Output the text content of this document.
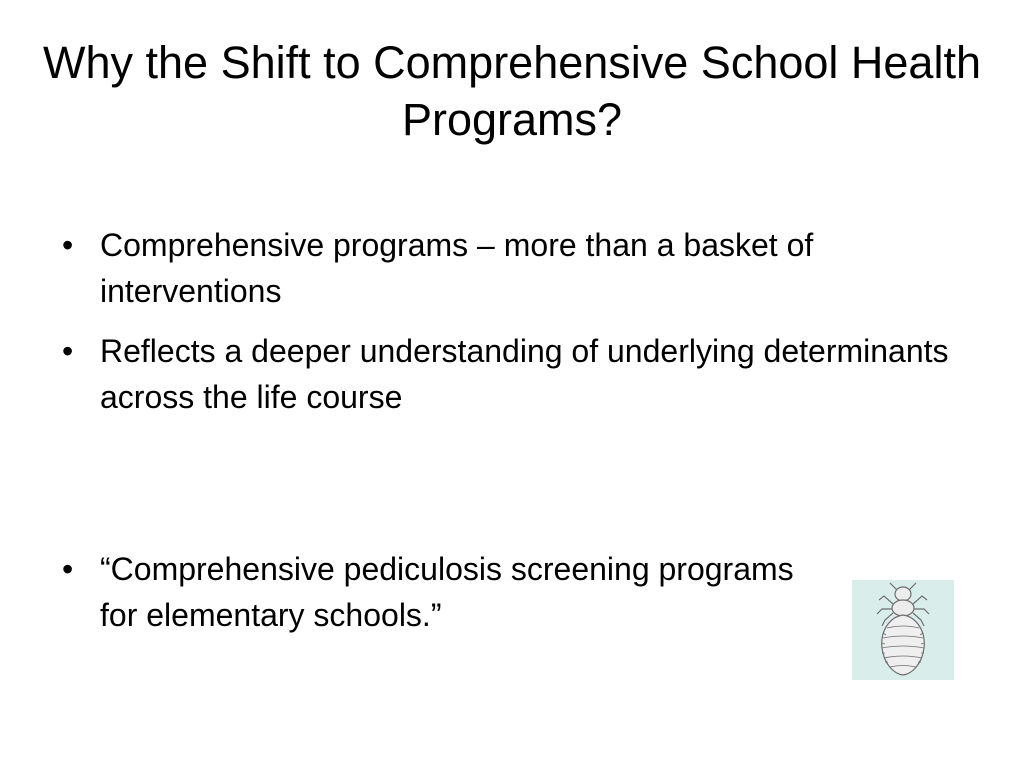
Why the Shift to Comprehensive School Health Programs?
• Comprehensive programs – more than a basket of interventions
• Reflects a deeper understanding of underlying determinants across the life course
• “Comprehensive pediculosis screening programs for elementary schools.”
